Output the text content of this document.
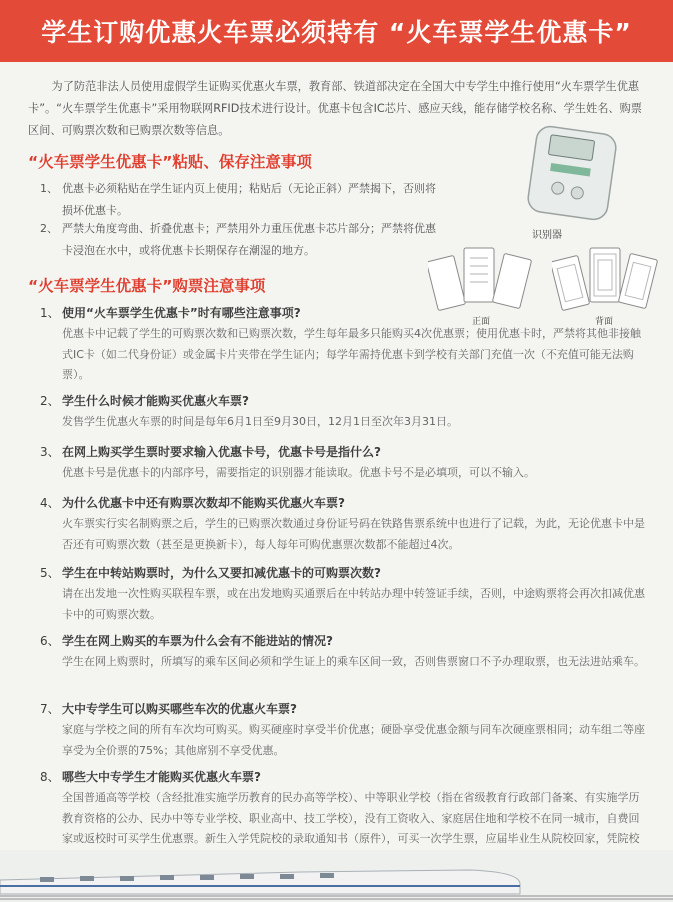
学生订购优惠火车票必须持有 “火车票学生优惠卡”
为了防范非法人员使用虚假学生证购买优惠火车票，教育部、铁道部决定在全国大中专学生中推行使用“火车票学生优惠卡”。“火车票学生优惠卡”采用物联网RFID技术进行设计。优惠卡包含IC芯片、感应天线，能存储学校名称、学生姓名、购票区间、可购票次数和已购票次数等信息。
“火车票学生优惠卡”粘贴、保存注意事项
1、 优惠卡必须粘贴在学生证内页上使用；粘贴后（无论正斜）严禁揭下，否则将损坏优惠卡。
2、 严禁大角度弯曲、折叠优惠卡；严禁用外力重压优惠卡芯片部分；严禁将优惠卡浸泡在水中，或将优惠卡长期保存在潮湿的地方。
识别器
正面	背面
“火车票学生优惠卡”购票注意事项
1、 使用“火车票学生优惠卡”时有哪些注意事项?
优惠卡中记载了学生的可购票次数和已购票次数，学生每年最多只能购买4次优惠票；使用优惠卡时，严禁将其他非接触式IC卡（如二代身份证）或金属卡片夹带在学生证内；每学年需持优惠卡到学校有关部门充值一次（不充值可能无法购票）。
2、 学生什么时候才能购买优惠火车票?
发售学生优惠火车票的时间是每年6月1日至9月30日，12月1日至次年3月31日。
3、 在网上购买学生票时要求输入优惠卡号，优惠卡号是指什么?
优惠卡号是优惠卡的内部序号，需要指定的识别器才能读取。优惠卡号不是必填项，可以不输入。
4、 为什么优惠卡中还有购票次数却不能购买优惠火车票?
火车票实行实名制购票之后，学生的已购票次数通过身份证号码在铁路售票系统中也进行了记载，为此，无论优惠卡中是否还有可购票次数（甚至是更换新卡），每人每年可购优惠票次数都不能超过4次。
5、 学生在中转站购票时，为什么又要扣减优惠卡的可购票次数?
请在出发地一次性购买联程车票，或在出发地购买通票后在中转站办理中转签证手续，否则，中途购票将会再次扣减优惠卡中的可购票次数。
6、 学生在网上购买的车票为什么会有不能进站的情况?
学生在网上购票时，所填写的乘车区间必须和学生证上的乘车区间一致，否则售票窗口不予办理取票，也无法进站乘车。
7、 大中专学生可以购买哪些车次的优惠火车票?
家庭与学校之间的所有车次均可购买。购买硬座时享受半价优惠；硬卧享受优惠金额与同车次硬座票相同；动车组二等座享受为全价票的75%；其他席别不享受优惠。
8、 哪些大中专学生才能购买优惠火车票?
全国普通高等学校（含经批准实施学历教育的民办高等学校）、中等职业学校（指在省级教育行政部门备案、有实施学历教育资格的公办、民办中等专业学校、职业高中、技工学校），没有工资收入、家庭居住地和学校不在同一城市，自费回家或返校时可买学生优惠票。新生入学凭院校的录取通知书（原件），可买一次学生票，应届毕业生从院校回家，凭院校
